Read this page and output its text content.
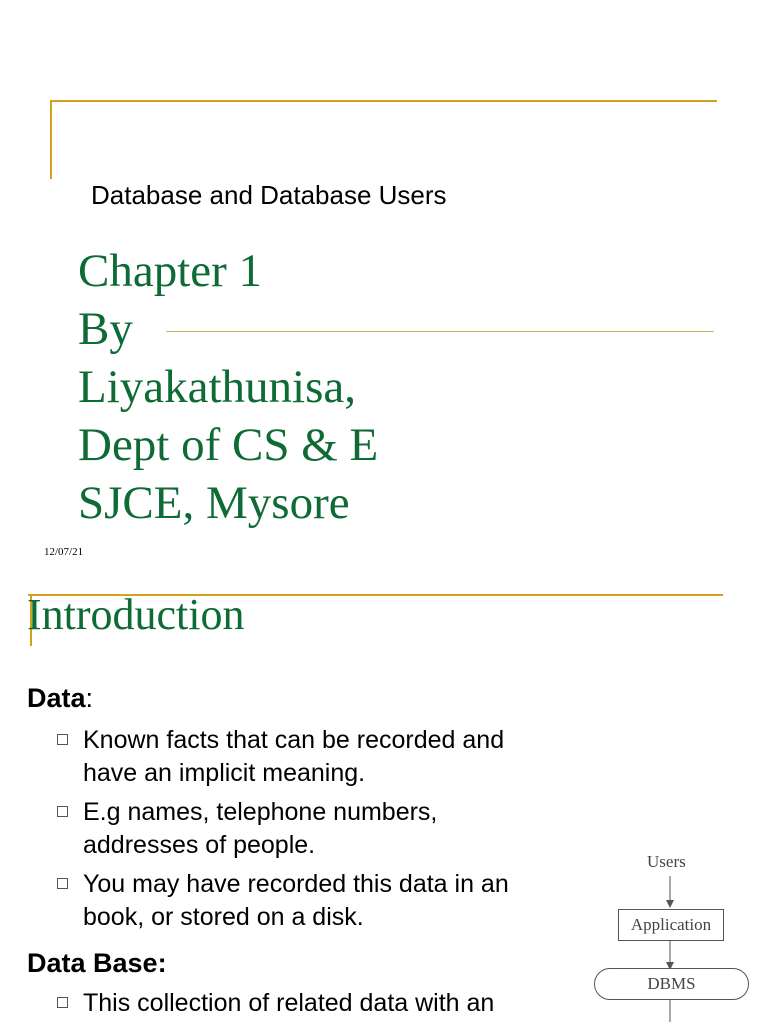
Database and Database Users
Chapter 1
By
Liyakathunisa,
Dept of CS & E
SJCE, Mysore
12/07/21
Introduction

Data:

Known facts that can be recorded and have an implicit meaning.
E.g names, telephone numbers, addresses of people.
You may have recorded this data in an book, or stored on a disk.

Data Base:

This collection of related data with an
Users
Application
DBMS
